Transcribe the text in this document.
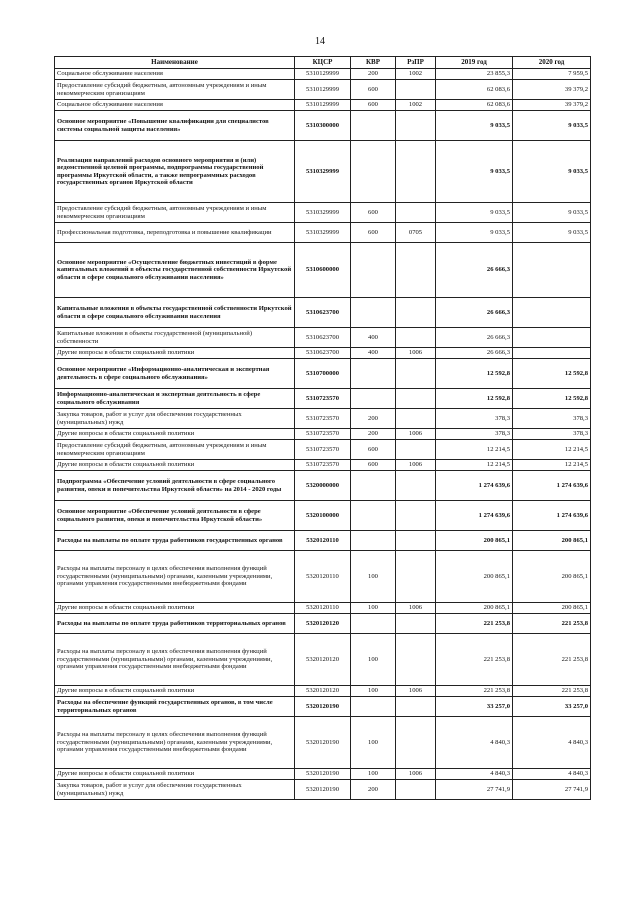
14
Наименование	КЦСР	КВР	РзПР	2019 год	2020 год
Социальное обслуживание населения	5310129999	200	1002	23 855,3	7 959,5
Предоставление субсидий бюджетным, автономным учреждениям и иным некоммерческим организациям	5310129999	600		62 083,6	39 379,2
Социальное обслуживание населения	5310129999	600	1002	62 083,6	39 379,2
Основное мероприятие «Повышение квалификации для специалистов системы социальной защиты населения»	5310300000			9 033,5	9 033,5
Реализация направлений расходов основного мероприятия и (или) ведомственной целевой программы, подпрограммы государственной программы Иркутской области, а также непрограммных расходов государственных органов Иркутской области	5310329999			9 033,5	9 033,5
Предоставление субсидий бюджетным, автономным учреждениям и иным некоммерческим организациям	5310329999	600		9 033,5	9 033,5
Профессиональная подготовка, переподготовка и повышение квалификации	5310329999	600	0705	9 033,5	9 033,5
Основное мероприятие «Осуществление бюджетных инвестиций в форме капитальных вложений в объекты государственной собственности Иркутской области в сфере социального обслуживания населения»	5310600000			26 666,3	
Капитальные вложения в объекты государственной собственности Иркутской области в сфере социального обслуживания населения	5310623700			26 666,3	
Капитальные вложения в объекты государственной (муниципальной) собственности	5310623700	400		26 666,3	
Другие вопросы в области социальной политики	5310623700	400	1006	26 666,3	
Основное мероприятие «Информационно-аналитическая и экспертная деятельность в сфере социального обслуживания»	5310700000			12 592,8	12 592,8
Информационно-аналитическая и экспертная деятельность в сфере социального обслуживания	5310723570			12 592,8	12 592,8
Закупка товаров, работ и услуг для обеспечения государственных (муниципальных) нужд	5310723570	200		378,3	378,3
Другие вопросы в области социальной политики	5310723570	200	1006	378,3	378,3
Предоставление субсидий бюджетным, автономным учреждениям и иным некоммерческим организациям	5310723570	600		12 214,5	12 214,5
Другие вопросы в области социальной политики	5310723570	600	1006	12 214,5	12 214,5
Подпрограмма «Обеспечение условий деятельности в сфере социального развития, опеки и попечительства Иркутской области» на 2014 - 2020 годы	5320000000			1 274 639,6	1 274 639,6
Основное мероприятие «Обеспечение условий деятельности в сфере социального развития, опеки и попечительства Иркутской области»	5320100000			1 274 639,6	1 274 639,6
Расходы на выплаты по оплате труда работников государственных органов	5320120110			200 865,1	200 865,1
Расходы на выплаты персоналу в целях обеспечения выполнения функций государственными (муниципальными) органами, казенными учреждениями, органами управления государственными внебюджетными фондами	5320120110	100		200 865,1	200 865,1
Другие вопросы в области социальной политики	5320120110	100	1006	200 865,1	200 865,1
Расходы на выплаты по оплате труда работников территориальных органов	5320120120			221 253,8	221 253,8
Расходы на выплаты персоналу в целях обеспечения выполнения функций государственными (муниципальными) органами, казенными учреждениями, органами управления государственными внебюджетными фондами	5320120120	100		221 253,8	221 253,8
Другие вопросы в области социальной политики	5320120120	100	1006	221 253,8	221 253,8
Расходы на обеспечение функций государственных органов, в том числе территориальных органов	5320120190			33 257,0	33 257,0
Расходы на выплаты персоналу в целях обеспечения выполнения функций государственными (муниципальными) органами, казенными учреждениями, органами управления государственными внебюджетными фондами	5320120190	100		4 840,3	4 840,3
Другие вопросы в области социальной политики	5320120190	100	1006	4 840,3	4 840,3
Закупка товаров, работ и услуг для обеспечения государственных (муниципальных) нужд	5320120190	200		27 741,9	27 741,9
